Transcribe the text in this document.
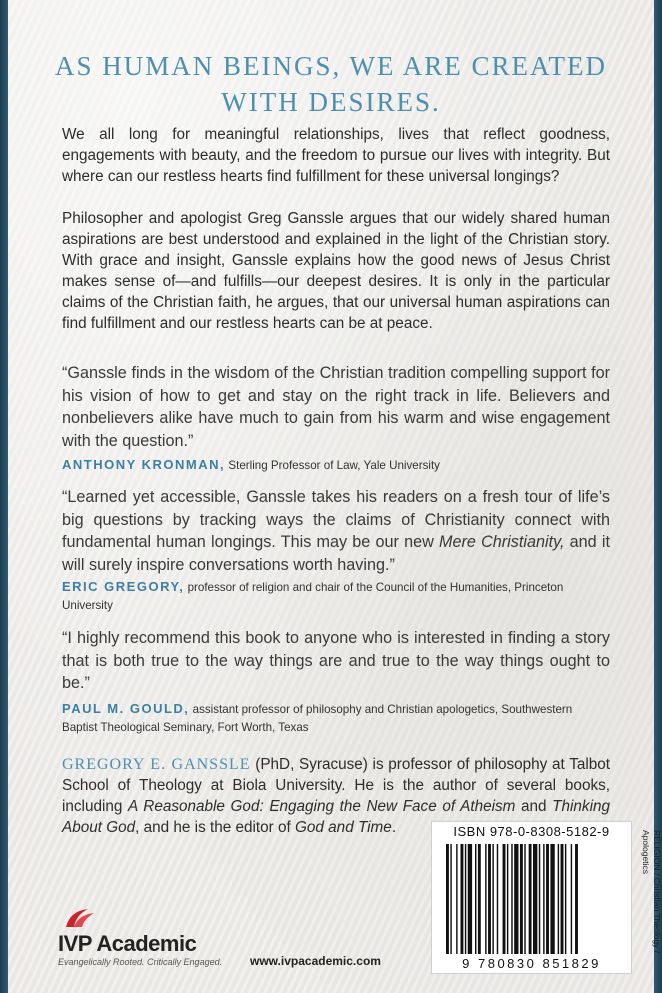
AS HUMAN BEINGS, WE ARE CREATED WITH DESIRES.

We all long for meaningful relationships, lives that reflect goodness, engagements with beauty, and the freedom to pursue our lives with integrity. But where can our restless hearts find fulfillment for these universal longings?

Philosopher and apologist Greg Ganssle argues that our widely shared human aspirations are best understood and explained in the light of the Christian story. With grace and insight, Ganssle explains how the good news of Jesus Christ makes sense of—and fulfills—our deepest desires. It is only in the particular claims of the Christian faith, he argues, that our universal human aspirations can find fulfillment and our restless hearts can be at peace.

“Ganssle finds in the wisdom of the Christian tradition compelling support for his vision of how to get and stay on the right track in life. Believers and nonbelievers alike have much to gain from his warm and wise engagement with the question.”

ANTHONY KRONMAN, Sterling Professor of Law, Yale University

“Learned yet accessible, Ganssle takes his readers on a fresh tour of life’s big questions by tracking ways the claims of Christianity connect with fundamental human longings. This may be our new Mere Christianity, and it will surely inspire conversations worth having.”

ERIC GREGORY, professor of religion and chair of the Council of the Humanities, Princeton University

“I highly recommend this book to anyone who is interested in finding a story that is both true to the way things are and true to the way things ought to be.”

PAUL M. GOULD, assistant professor of philosophy and Christian apologetics, Southwestern Baptist Theological Seminary, Fort Worth, Texas

GREGORY E. GANSSLE (PhD, Syracuse) is professor of philosophy at Talbot School of Theology at Biola University. He is the author of several books, including A Reasonable God: Engaging the New Face of Atheism and Thinking About God, and he is the editor of God and Time.	ISBN 978-0-8308-5182-9
9 780830 851829
RELIGION / Christian Theology / Apologetics
IVP Academic
Evangelically Rooted. Critically Engaged. www.ivpacademic.com
